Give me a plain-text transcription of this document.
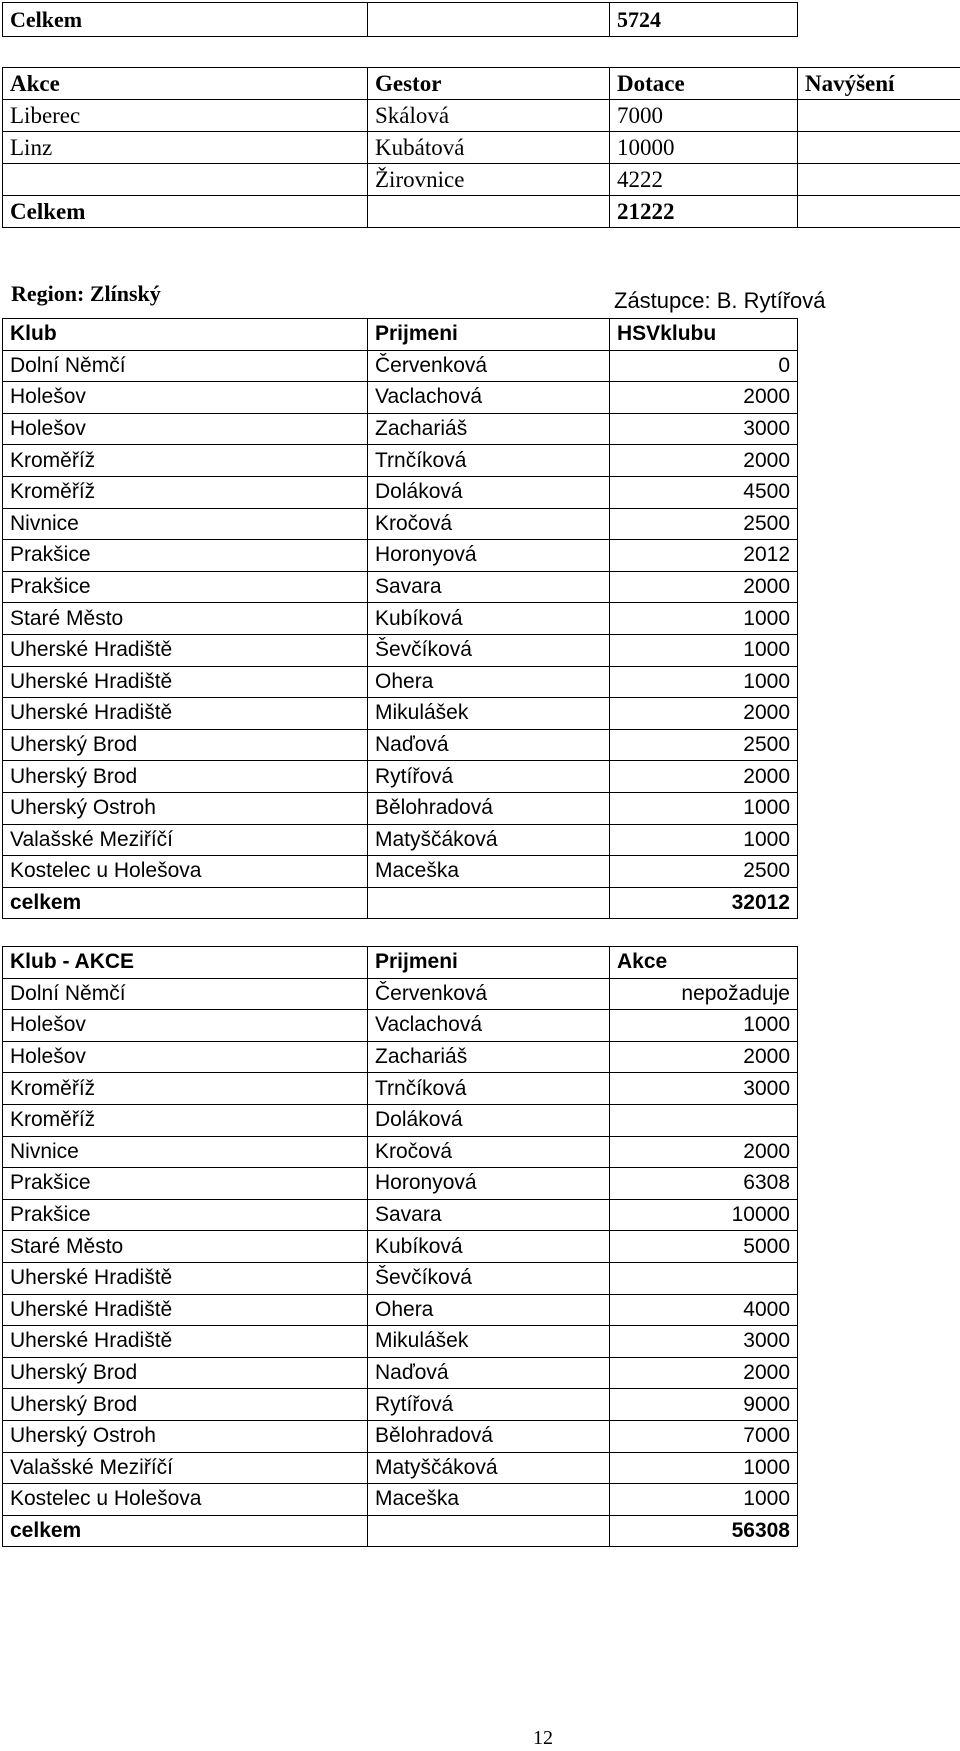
Celkem		5724
Akce	Gestor	Dotace	Navýšení
Liberec	Skálová	7000	
Linz	Kubátová	10000	
	Žirovnice	4222	
Celkem		21222	
Region: Zlínský	Zástupce: B. Rytířová
Klub	Prijmeni	HSVklubu
Dolní Němčí	Červenková	0
Holešov	Vaclachová	2000
Holešov	Zachariáš	3000
Kroměříž	Trnčíková	2000
Kroměříž	Doláková	4500
Nivnice	Kročová	2500
Prakšice	Horonyová	2012
Prakšice	Savara	2000
Staré Město	Kubíková	1000
Uherské Hradiště	Ševčíková	1000
Uherské Hradiště	Ohera	1000
Uherské Hradiště	Mikulášek	2000
Uherský Brod	Naďová	2500
Uherský Brod	Rytířová	2000
Uherský Ostroh	Bělohradová	1000
Valašské Meziříčí	Matyščáková	1000
Kostelec u Holešova	Maceška	2500
celkem		32012
Klub - AKCE	Prijmeni	Akce
Dolní Němčí	Červenková	nepožaduje
Holešov	Vaclachová	1000
Holešov	Zachariáš	2000
Kroměříž	Trnčíková	3000
Kroměříž	Doláková	
Nivnice	Kročová	2000
Prakšice	Horonyová	6308
Prakšice	Savara	10000
Staré Město	Kubíková	5000
Uherské Hradiště	Ševčíková	
Uherské Hradiště	Ohera	4000
Uherské Hradiště	Mikulášek	3000
Uherský Brod	Naďová	2000
Uherský Brod	Rytířová	9000
Uherský Ostroh	Bělohradová	7000
Valašské Meziříčí	Matyščáková	1000
Kostelec u Holešova	Maceška	1000
celkem		56308
12
